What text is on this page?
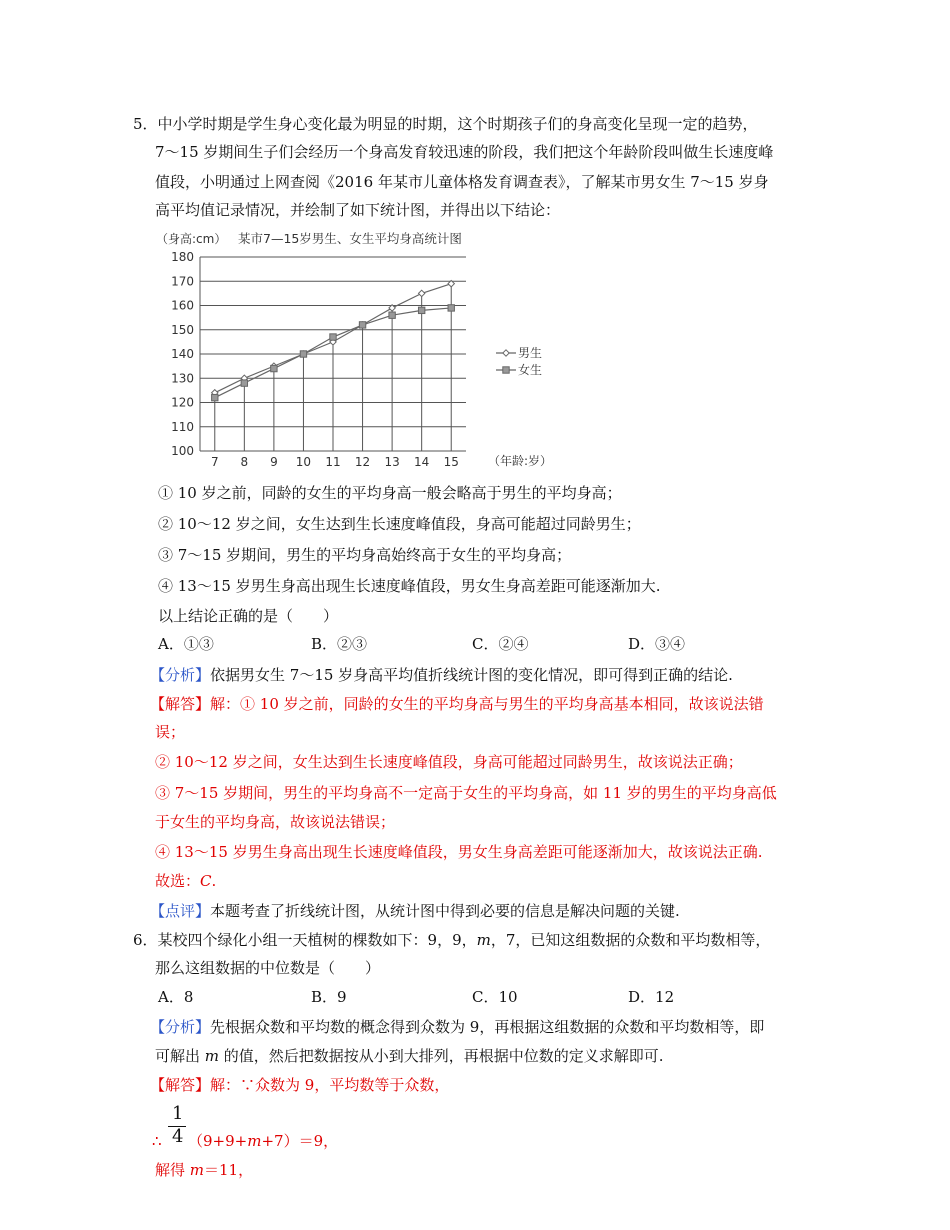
5．中小学时期是学生身心变化最为明显的时期，这个时期孩子们的身高变化呈现一定的趋势，
7～15 岁期间生子们会经历一个身高发育较迅速的阶段，我们把这个年龄阶段叫做生长速度峰
值段，小明通过上网查阅《2016 年某市儿童体格发育调查表》，了解某市男女生 7～15 岁身
高平均值记录情况，并绘制了如下统计图，并得出以下结论：
180
170
160
150
140
130
120
110
100
7 8 9 10 11 12 13 14 15
男生
女生
某市7—15岁男生、女生平均身高统计图
（身高:cm）
（年龄:岁）
① 10 岁之前，同龄的女生的平均身高一般会略高于男生的平均身高；
② 10～12 岁之间，女生达到生长速度峰值段，身高可能超过同龄男生；
③ 7～15 岁期间，男生的平均身高始终高于女生的平均身高；
④ 13～15 岁男生身高出现生长速度峰值段，男女生身高差距可能逐渐加大.
以上结论正确的是（　　）
A．①③	B．②③	C．②④	D．③④
【分析】依据男女生 7～15 岁身高平均值折线统计图的变化情况，即可得到正确的结论.
【解答】解：① 10 岁之前，同龄的女生的平均身高与男生的平均身高基本相同，故该说法错
误；
② 10～12 岁之间，女生达到生长速度峰值段，身高可能超过同龄男生，故该说法正确；
③ 7～15 岁期间，男生的平均身高不一定高于女生的平均身高，如 11 岁的男生的平均身高低
于女生的平均身高，故该说法错误；
④ 13～15 岁男生身高出现生长速度峰值段，男女生身高差距可能逐渐加大，故该说法正确.
故选：C.
【点评】本题考查了折线统计图，从统计图中得到必要的信息是解决问题的关键.
6．某校四个绿化小组一天植树的棵数如下：9，9，m，7，已知这组数据的众数和平均数相等，
那么这组数据的中位数是（　　）
A．8	B．9	C．10	D．12
【分析】先根据众数和平均数的概念得到众数为 9，再根据这组数据的众数和平均数相等，即
可解出 m 的值，然后把数据按从小到大排列，再根据中位数的定义求解即可.
【解答】解：∵众数为 9，平均数等于众数，
1
4
∴ （9+9+m+7）＝9，
解得 m＝11，
